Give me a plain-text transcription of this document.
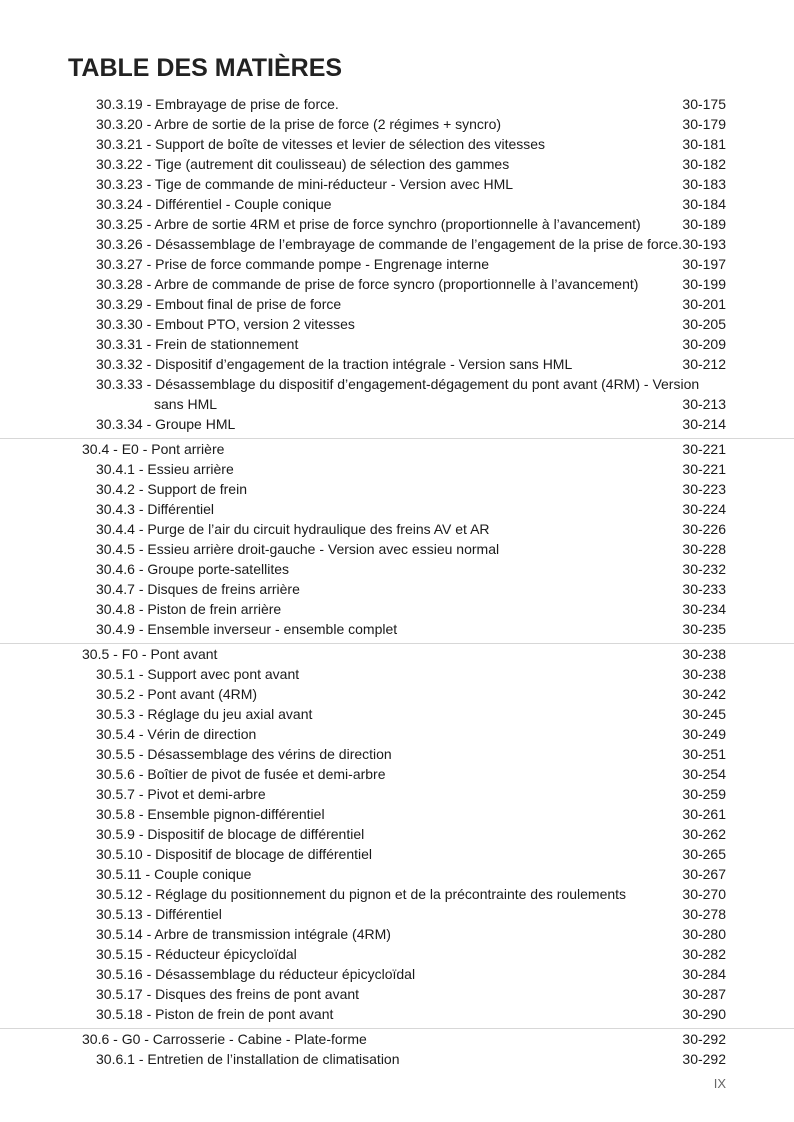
TABLE DES MATIÈRES
30.3.19 - Embrayage de prise de force.	30-175
30.3.20 - Arbre de sortie de la prise de force (2 régimes + syncro)	30-179
30.3.21 - Support de boîte de vitesses et levier de sélection des vitesses	30-181
30.3.22 - Tige (autrement dit coulisseau) de sélection des gammes	30-182
30.3.23 - Tige de commande de mini-réducteur - Version avec HML	30-183
30.3.24 - Différentiel - Couple conique	30-184
30.3.25 - Arbre de sortie 4RM et prise de force synchro (proportionnelle à l’avancement)	30-189
30.3.26 - Désassemblage de l’embrayage de commande de l’engagement de la prise de force. 30-193
30.3.27 - Prise de force commande pompe - Engrenage interne	30-197
30.3.28 - Arbre de commande de prise de force syncro (proportionnelle à l’avancement)	30-199
30.3.29 - Embout final de prise de force	30-201
30.3.30 - Embout PTO, version 2 vitesses	30-205
30.3.31 - Frein de stationnement	30-209
30.3.32 - Dispositif d’engagement de la traction intégrale - Version sans HML	30-212
30.3.33 - Désassemblage du dispositif d’engagement-dégagement du pont avant (4RM) - Version
sans HML	30-213
30.3.34 - Groupe HML	30-214
30.4 - E0 - Pont arrière	30-221
30.4.1 - Essieu arrière	30-221
30.4.2 - Support de frein	30-223
30.4.3 - Différentiel	30-224
30.4.4 - Purge de l’air du circuit hydraulique des freins AV et AR	30-226
30.4.5 - Essieu arrière droit-gauche - Version avec essieu normal	30-228
30.4.6 - Groupe porte-satellites	30-232
30.4.7 - Disques de freins arrière	30-233
30.4.8 - Piston de frein arrière	30-234
30.4.9 - Ensemble inverseur - ensemble complet	30-235
30.5 - F0 - Pont avant	30-238
30.5.1 - Support avec pont avant	30-238
30.5.2 - Pont avant (4RM)	30-242
30.5.3 - Réglage du jeu axial avant	30-245
30.5.4 - Vérin de direction	30-249
30.5.5 - Désassemblage des vérins de direction	30-251
30.5.6 - Boîtier de pivot de fusée et demi-arbre	30-254
30.5.7 - Pivot et demi-arbre	30-259
30.5.8 - Ensemble pignon-différentiel	30-261
30.5.9 - Dispositif de blocage de différentiel	30-262
30.5.10 - Dispositif de blocage de différentiel	30-265
30.5.11 - Couple conique	30-267
30.5.12 - Réglage du positionnement du pignon et de la précontrainte des roulements	30-270
30.5.13 - Différentiel	30-278
30.5.14 - Arbre de transmission intégrale (4RM)	30-280
30.5.15 - Réducteur épicycloïdal	30-282
30.5.16 - Désassemblage du réducteur épicycloïdal	30-284
30.5.17 - Disques des freins de pont avant	30-287
30.5.18 - Piston de frein de pont avant	30-290
30.6 - G0 - Carrosserie - Cabine - Plate-forme	30-292
30.6.1 - Entretien de l’installation de climatisation	30-292
IX
